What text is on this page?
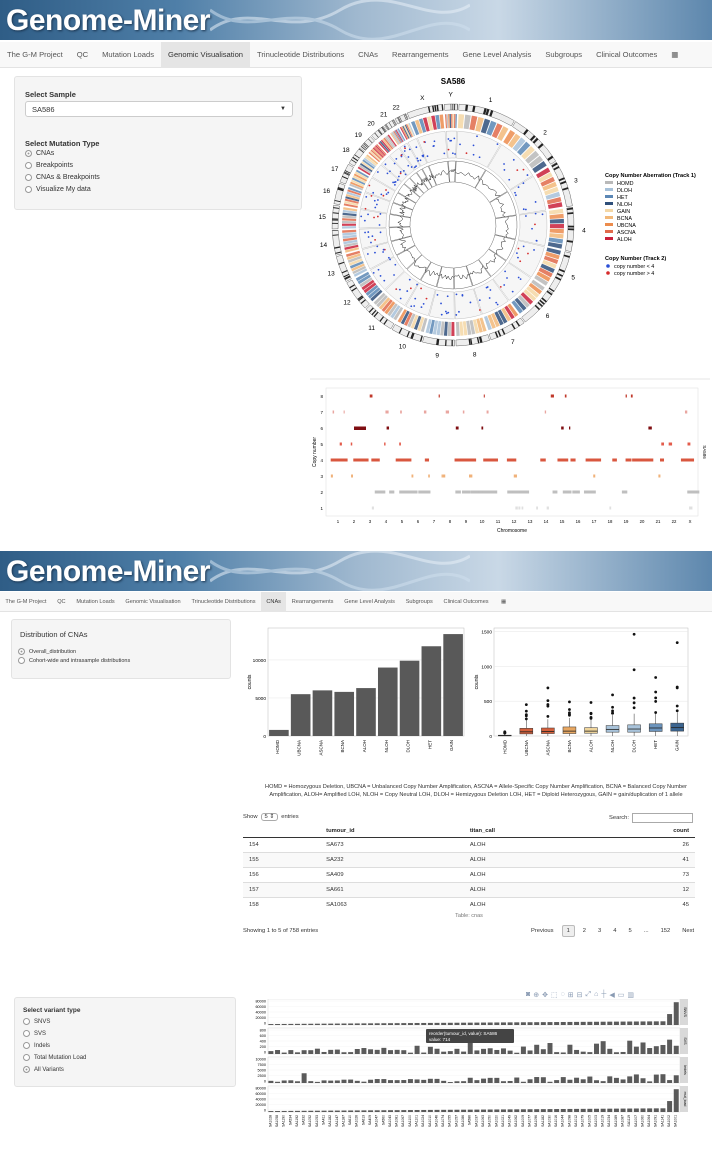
Genome-Miner
The G-M Project	QC	Mutation Loads	Genomic Visualisation	Trinucleotide Distributions	CNAs	Rearrangements	Gene Level Analysis	Subgroups	Clinical Outcomes	▦
Select Sample
SA586	▼
Select Mutation Type
CNAs
Breakpoints
CNAs & Breakpoints
Visualize My data
SA586
1
2
3
4
5
6
7
8
9
10
11
12
13
14
15
16
17
18
19
20
21
22
X
Y
Copy Number Aberration (Track 1)
HOMD
DLOH
HET
NLOH
GAIN
BCNA
UBCNA
ASCNA
ALOH
Copy Number (Track 2)
copy number < 4
copy number > 4
8
7
6
5
4
3
2
1
1	2	3	4	5	6	7	8	9	10	11	12	13	14	15	16	17	18	19	20	21	22	X
Chromosome
Copy number	SA586
Genome-Miner
The G-M Project	QC	Mutation Loads	Genomic Visualisation	Trinucleotide Distributions	CNAs	Rearrangements	Gene Level Analysis	Subgroups	Clinical Outcomes	▦
Distribution of CNAs
Overall_distribution
Cohort-wide and intrasample distributions
0
5000
10000
HOMD	UBCNA	ASCNA	BCNA	ALOH	NLOH	DLOH	HET	GAIN
counts
0
500
1000
1500
HOMD	UBCNA	ASCNA	BCNA	ALOH	NLOH	DLOH	HET	GAIN
counts
HOMD = Homozygous Deletion, UBCNA = Unbalanced Copy Number Amplification, ASCNA = Allele-Specific Copy Number Amplification, BCNA = Balanced Copy Number Amplification, ALOH= Amplified LOH, NLOH = Copy Neutral LOH, DLOH = Hemizygous Deletion LOH, HET = Diploid Heterozygous, GAIN = gain/duplication of 1 allele
Show	5 ⇕	entries	Search:
	tumour_id	titan_call	count
154	SA673	ALOH	26
155	SA232	ALOH	41
156	SA409	ALOH	73
157	SA661	ALOH	12
158	SA1063	ALOH	45
Table: cnas
Showing 1 to 5 of 758 entries	Previous	1	2	3	4	5	...	152	Next
Select variant type
SNVS
SVS
Indels
Total Mutation Load
All Variants
◙ ⊕ ✥ ⬚ ◌ ⊞ ⊟ ⤢ ⌂ ┼ ◀ ▭ ▥
80000
60000
40000
20000
0
SNVS
800
600
400
200
0
SVS
10000
7500
5000
2500
0
Indels
80000
60000
40000
20000
0
mut_load
SA1028 SA1058 SA1190 SA534 SA1192 SA232 SA1052 SA1053 SA411 SA1182 SA1147 SA1187 SA610 SA1026 SA613 SA409 SA1047 SA560 SA1043 SA1081 SA1067 SA1100 SA1101 SA1024 SA1010 SA1046 SA1074 SA1055 SA1057 SA1086 SA586 SA1037 SA1063 SA1050 SA1020 SA1021 SA1049 SA1062 SA1009 SA1077 SA1096 SA1182 SA1030 SA1016 SA1044 SA1098 SA1012 SA1079 SA1005 SA1003 SA1019 SA1034 SA1089 SA1087 SA1119 SA1007 SA1060 SA1064 SA1091 SA1141 SA1002 SA1001
reorder(tumour_id, value): SA586
value: 714
